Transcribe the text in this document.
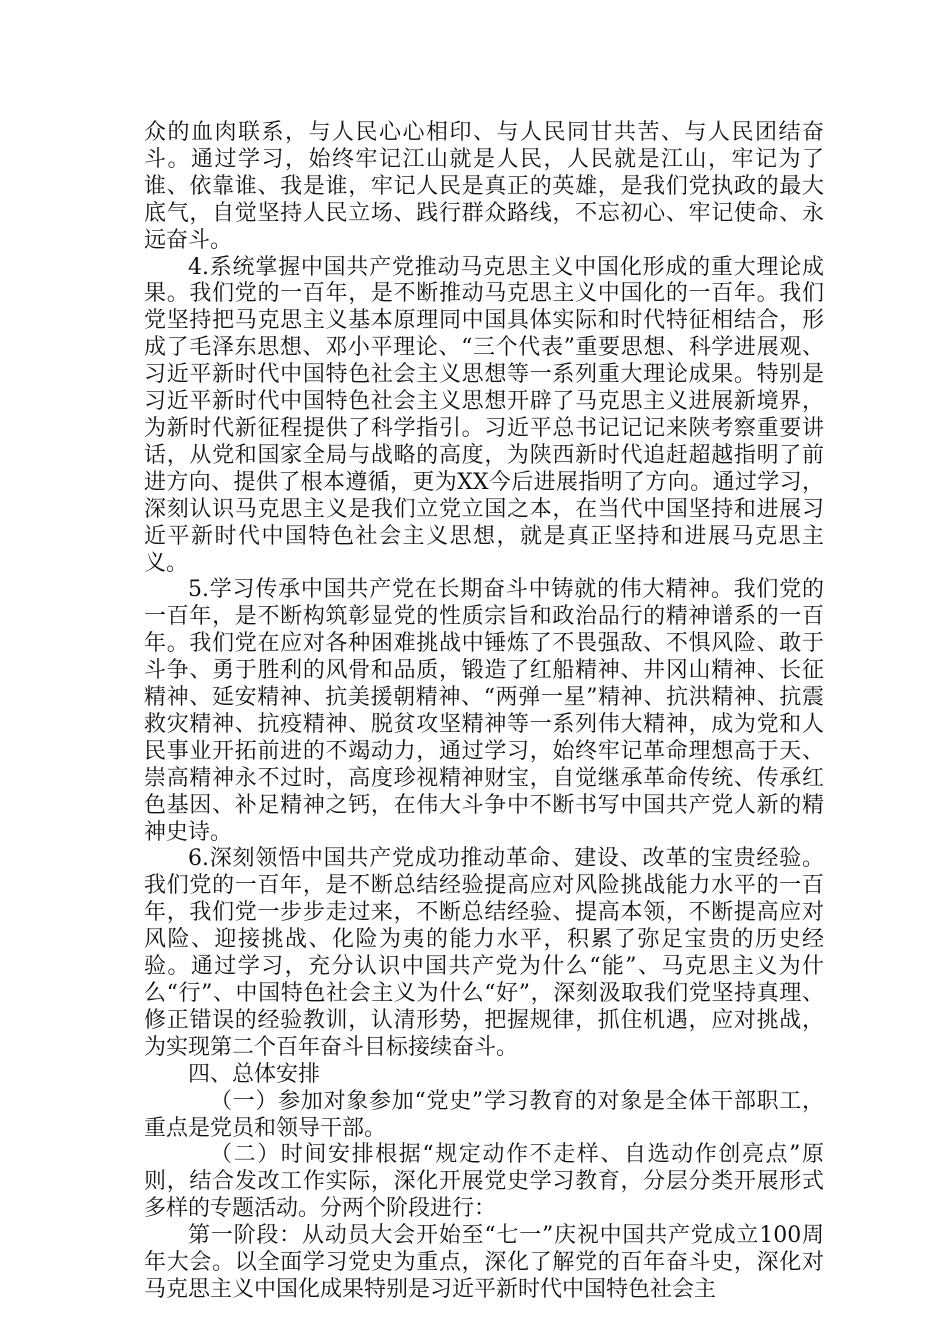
众的血肉联系，与人民心心相印、与人民同甘共苦、与人民团结奋斗。通过学习，始终牢记江山就是人民，人民就是江山，牢记为了谁、依靠谁、我是谁，牢记人民是真正的英雄，是我们党执政的最大底气，自觉坚持人民立场、践行群众路线，不忘初心、牢记使命、永远奋斗。

4.系统掌握中国共产党推动马克思主义中国化形成的重大理论成果。我们党的一百年，是不断推动马克思主义中国化的一百年。我们党坚持把马克思主义基本原理同中国具体实际和时代特征相结合，形成了毛泽东思想、邓小平理论、“三个代表”重要思想、科学进展观、习近平新时代中国特色社会主义思想等一系列重大理论成果。特别是习近平新时代中国特色社会主义思想开辟了马克思主义进展新境界，为新时代新征程提供了科学指引。习近平总书记记记来陕考察重要讲话，从党和国家全局与战略的高度，为陕西新时代追赶超越指明了前进方向、提供了根本遵循，更为XX今后进展指明了方向。通过学习，深刻认识马克思主义是我们立党立国之本，在当代中国坚持和进展习近平新时代中国特色社会主义思想，就是真正坚持和进展马克思主义。

5.学习传承中国共产党在长期奋斗中铸就的伟大精神。我们党的一百年，是不断构筑彰显党的性质宗旨和政治品行的精神谱系的一百年。我们党在应对各种困难挑战中锤炼了不畏强敌、不惧风险、敢于斗争、勇于胜利的风骨和品质，锻造了红船精神、井冈山精神、长征精神、延安精神、抗美援朝精神、“两弹一星”精神、抗洪精神、抗震救灾精神、抗疫精神、脱贫攻坚精神等一系列伟大精神，成为党和人民事业开拓前进的不竭动力，通过学习，始终牢记革命理想高于天、崇高精神永不过时，高度珍视精神财宝，自觉继承革命传统、传承红色基因、补足精神之钙，在伟大斗争中不断书写中国共产党人新的精神史诗。

6.深刻领悟中国共产党成功推动革命、建设、改革的宝贵经验。我们党的一百年，是不断总结经验提高应对风险挑战能力水平的一百年，我们党一步步走过来，不断总结经验、提高本领，不断提高应对风险、迎接挑战、化险为夷的能力水平，积累了弥足宝贵的历史经验。通过学习，充分认识中国共产党为什么“能”、马克思主义为什么“行”、中国特色社会主义为什么“好”，深刻汲取我们党坚持真理、修正错误的经验教训，认清形势，把握规律，抓住机遇，应对挑战，为实现第二个百年奋斗目标接续奋斗。

四、总体安排

（一）参加对象参加“党史”学习教育的对象是全体干部职工，重点是党员和领导干部。

（二）时间安排根据“规定动作不走样、自选动作创亮点”原则，结合发改工作实际，深化开展党史学习教育，分层分类开展形式多样的专题活动。分两个阶段进行：

第一阶段：从动员大会开始至“七一”庆祝中国共产党成立100周年大会。以全面学习党史为重点，深化了解党的百年奋斗史，深化对马克思主义中国化成果特别是习近平新时代中国特色社会主
